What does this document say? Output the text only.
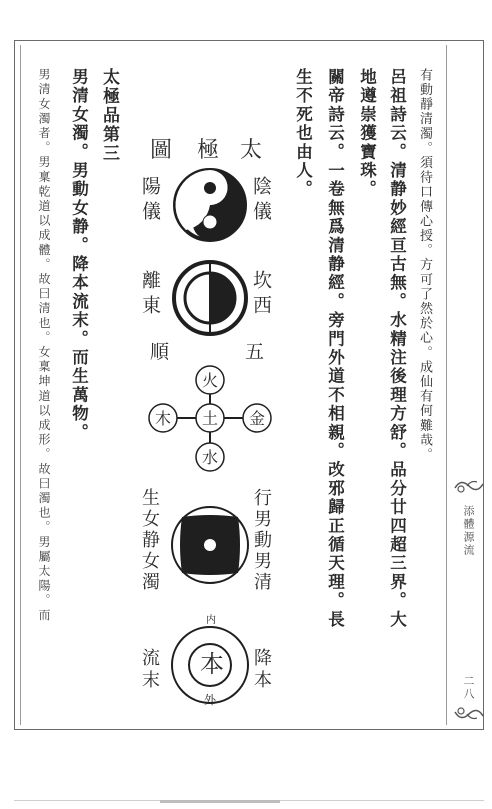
有動靜清濁。須待口傳心授。方可了然於心。成仙有何難哉。
呂祖詩云。清静妙經亘古無。水精注後理方舒。品分廿四超三界。大
地遵崇獲寶珠。
關帝詩云。一卷無爲清静經。旁門外道不相親。改邪歸正循天理。長
生不死也由人。
太
極
圖
陰儀
陽儀
坎西
離東
五
順
火
土
水
木	金
行男動男清
生女静女濁
内
本
外
降本
流末
太極品第三
男清女濁。男動女静。降本流末。而生萬物。
男清女濁者。男稟乾道以成體。故曰清也。女稟坤道以成形。故曰濁也。男屬太陽。而	添體源流
二八
